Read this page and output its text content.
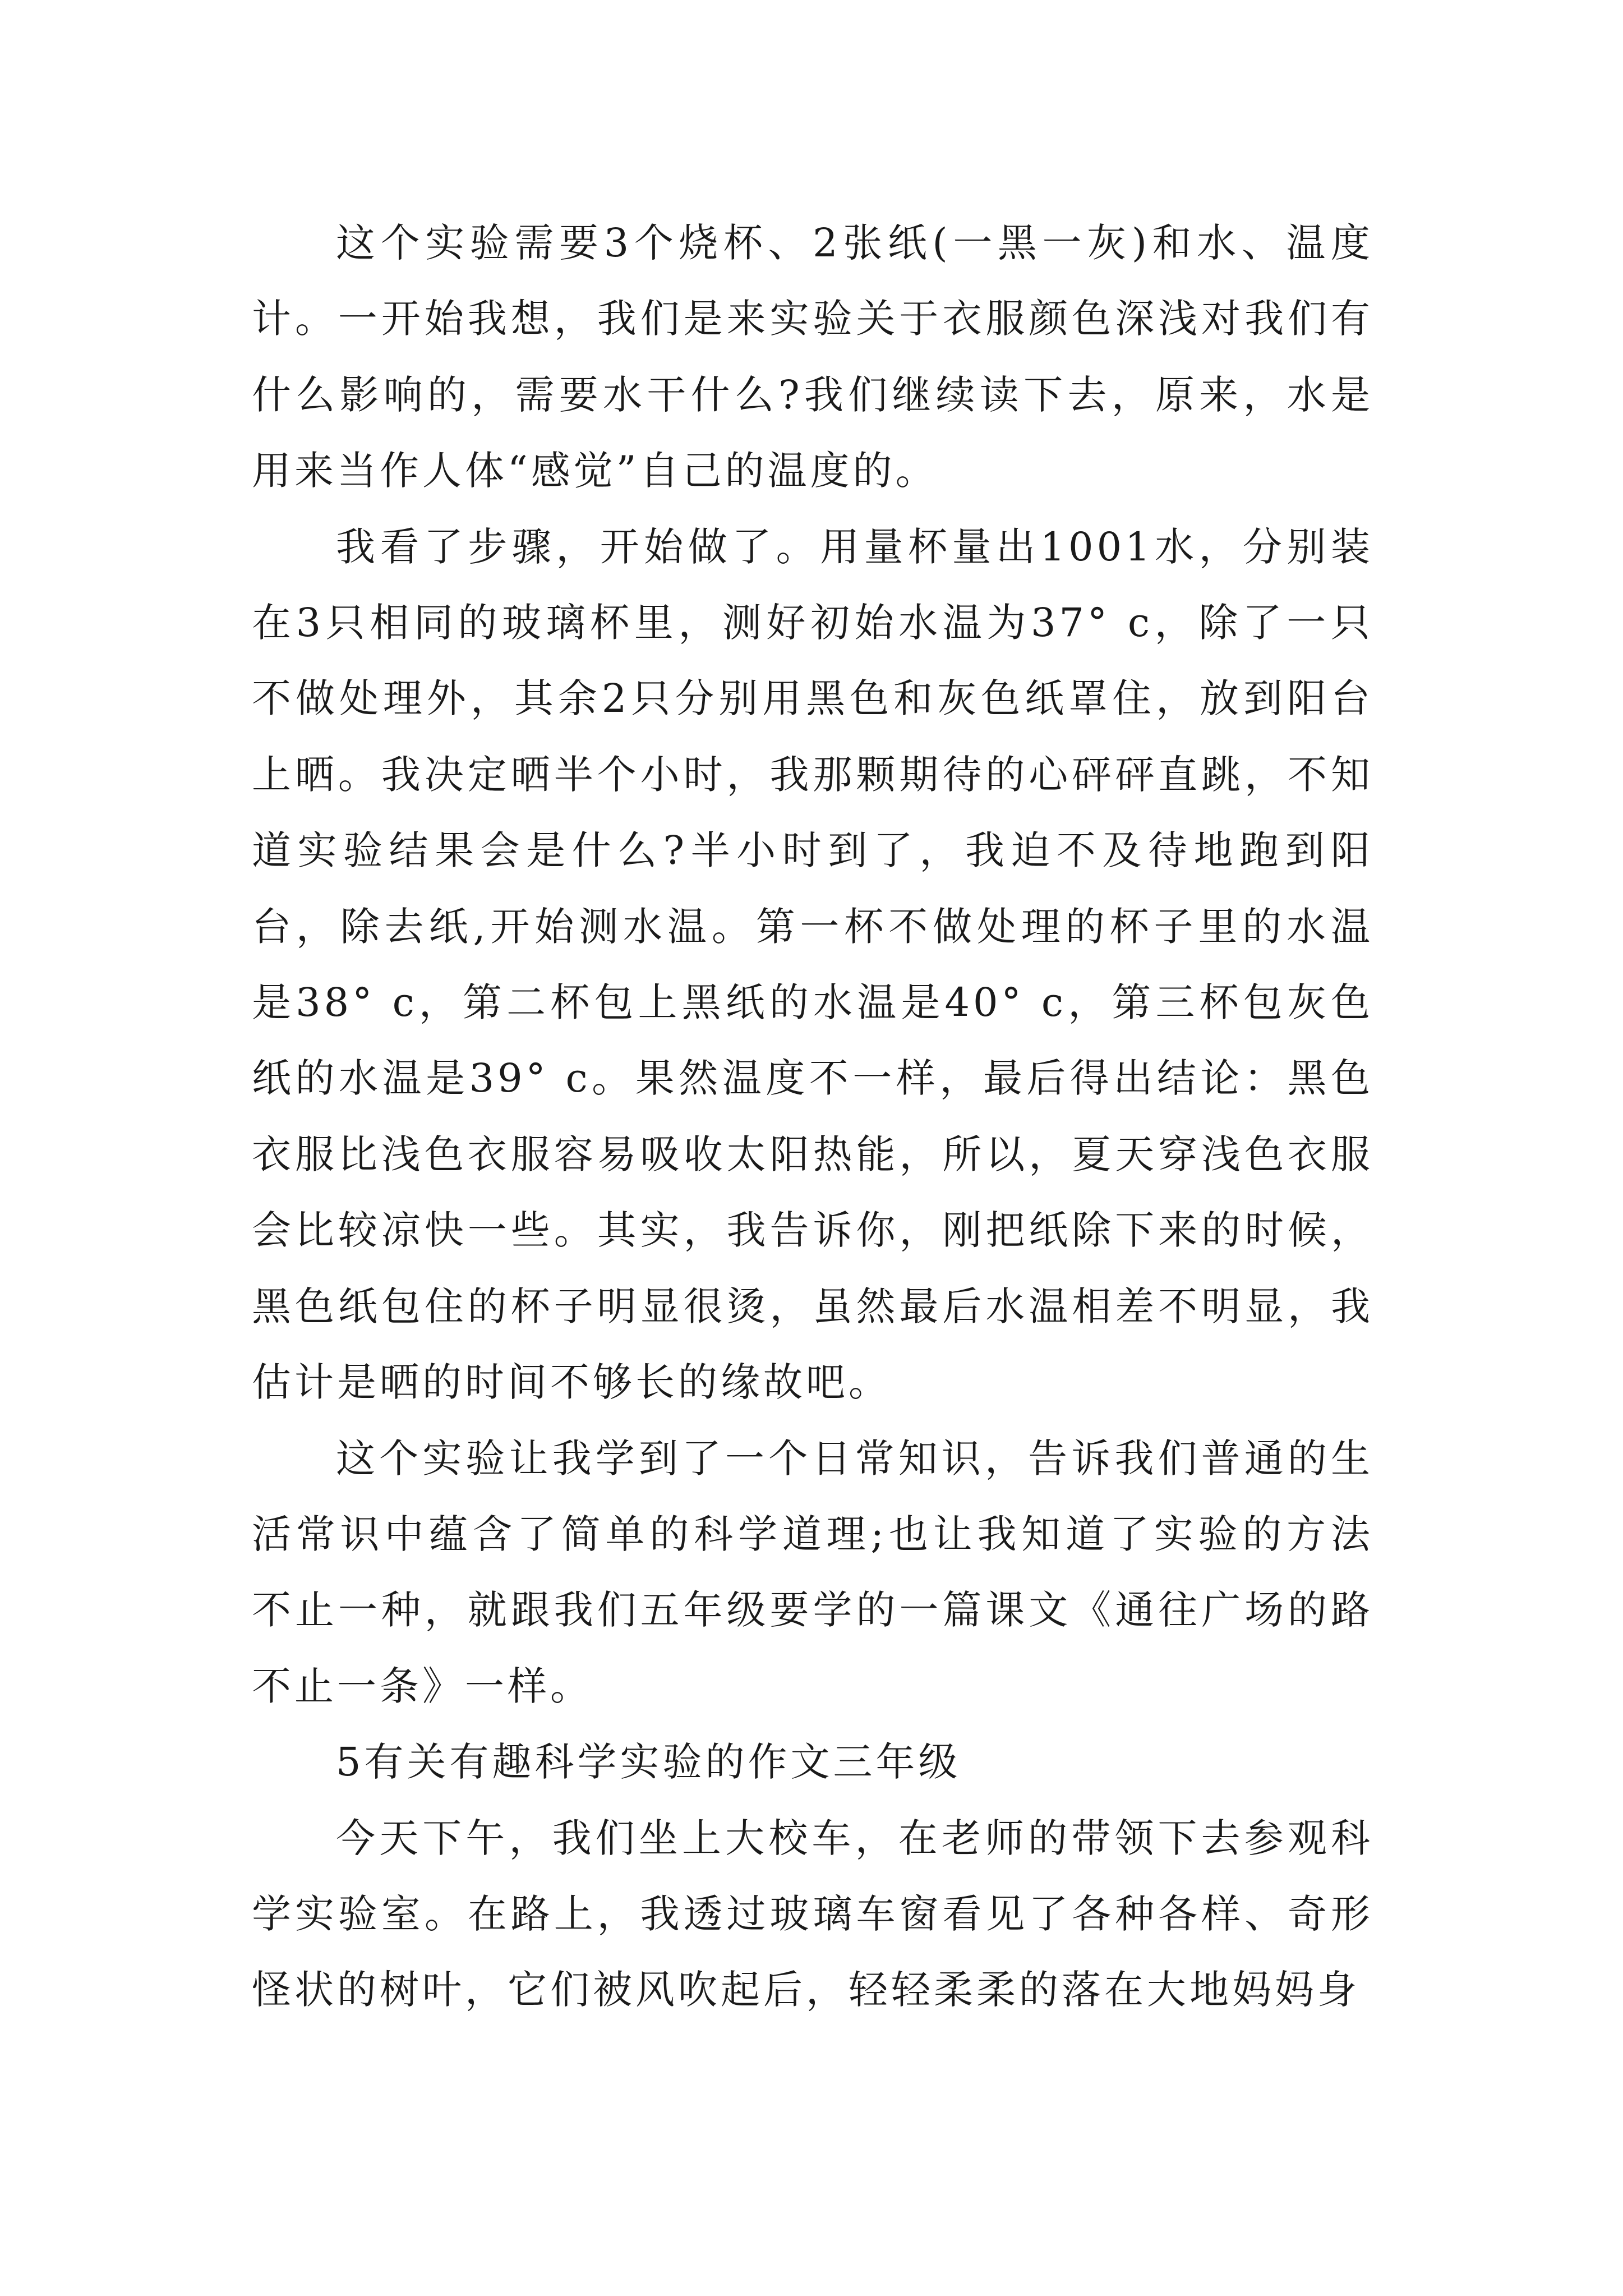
这个实验需要3个烧杯、2张纸(一黑一灰)和水、温度计。一开始我想，我们是来实验关于衣服颜色深浅对我们有什么影响的，需要水干什么?我们继续读下去，原来，水是用来当作人体“感觉”自己的温度的。

我看了步骤，开始做了。用量杯量出1001水，分别装在3只相同的玻璃杯里，测好初始水温为37° c，除了一只不做处理外，其余2只分别用黑色和灰色纸罩住，放到阳台上晒。我决定晒半个小时，我那颗期待的心砰砰直跳，不知道实验结果会是什么?半小时到了，我迫不及待地跑到阳台，除去纸,开始测水温。第一杯不做处理的杯子里的水温是38° c，第二杯包上黑纸的水温是40° c，第三杯包灰色纸的水温是39° c。果然温度不一样，最后得出结论：黑色衣服比浅色衣服容易吸收太阳热能，所以，夏天穿浅色衣服会比较凉快一些。其实，我告诉你，刚把纸除下来的时候，黑色纸包住的杯子明显很烫，虽然最后水温相差不明显，我估计是晒的时间不够长的缘故吧。

这个实验让我学到了一个日常知识，告诉我们普通的生活常识中蕴含了简单的科学道理;也让我知道了实验的方法不止一种，就跟我们五年级要学的一篇课文《通往广场的路不止一条》一样。

5有关有趣科学实验的作文三年级

今天下午，我们坐上大校车，在老师的带领下去参观科学实验室。在路上，我透过玻璃车窗看见了各种各样、奇形怪状的树叶，它们被风吹起后，轻轻柔柔的落在大地妈妈身
